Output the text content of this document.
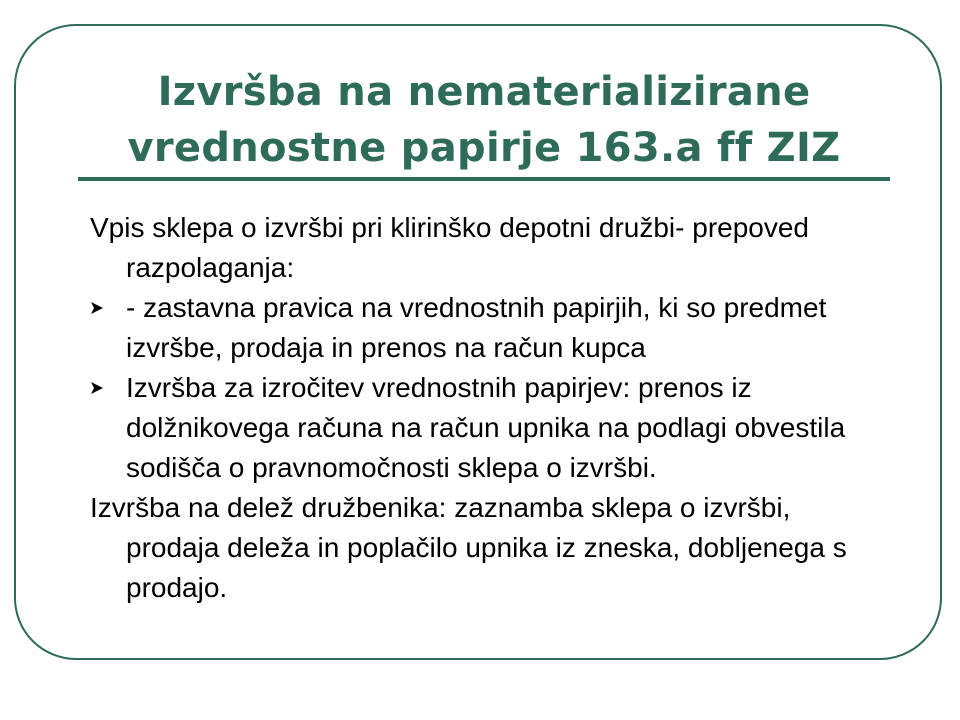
Izvršba na nematerializirane
vrednostne papirje 163.a ff ZIZ

Vpis sklepa o izvršbi pri klirinško depotni družbi- prepoved razpolaganja:

- zastavna pravica na vrednostnih papirjih, ki so predmet izvršbe, prodaja in prenos na račun kupca
Izvršba za izročitev vrednostnih papirjev: prenos iz dolžnikovega računa na račun upnika na podlagi obvestila sodišča o pravnomočnosti sklepa o izvršbi.

Izvršba na delež družbenika: zaznamba sklepa o izvršbi, prodaja deleža in poplačilo upnika iz zneska, dobljenega s prodajo.
